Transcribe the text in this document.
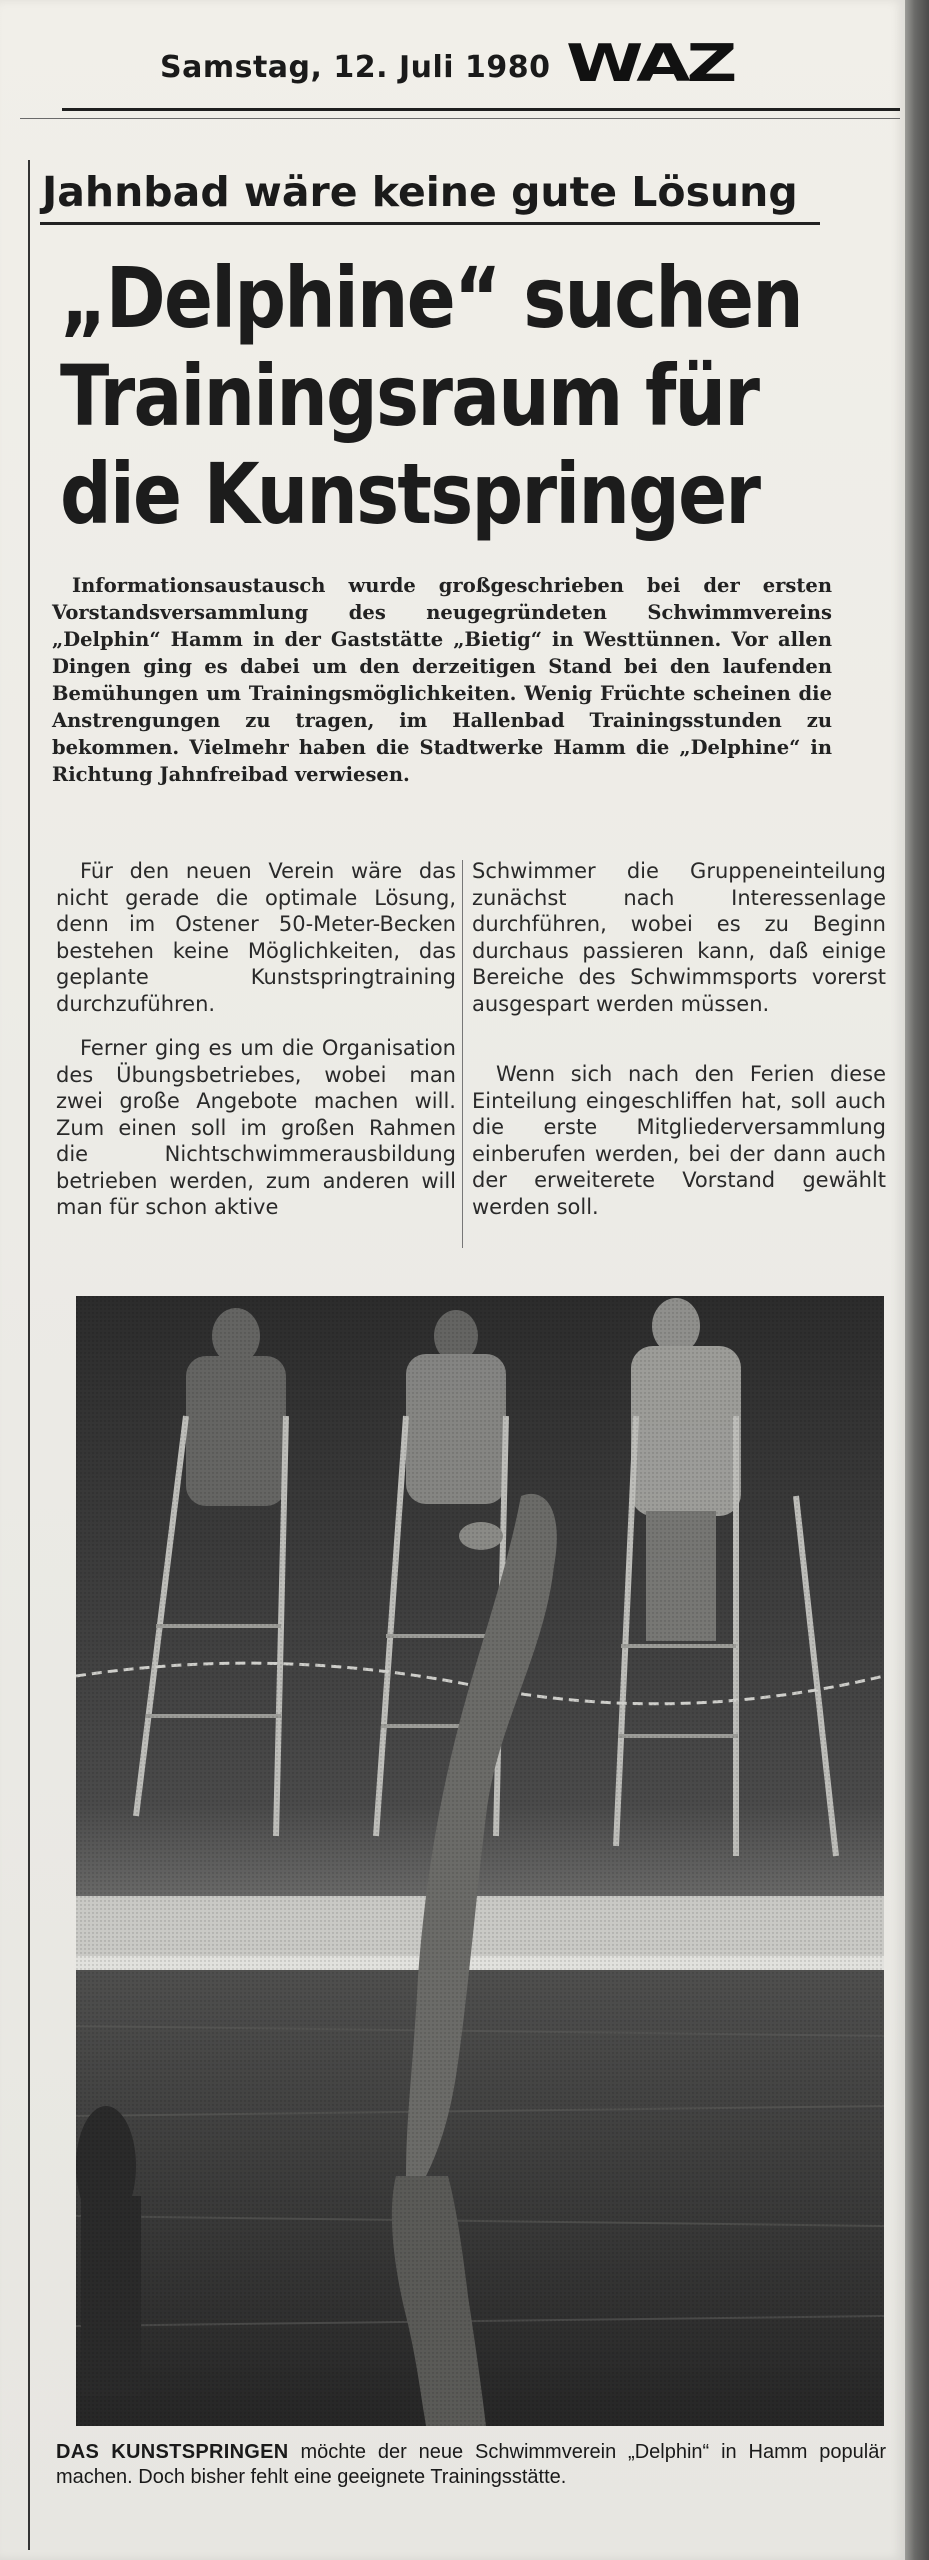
Samstag, 12. Juli 1980 WAZ
Jahnbad wäre keine gute Lösung
„Delphine“ suchen
Trainingsraum für
die Kunstspringer
Informationsaustausch wurde großgeschrieben bei der ersten Vorstandsversammlung des neugegründeten Schwimmvereins „Delphin“ Hamm in der Gaststätte „Bietig“ in Westtünnen. Vor allen Dingen ging es dabei um den derzeitigen Stand bei den laufenden Bemühungen um Trainingsmöglichkeiten. Wenig Früchte scheinen die Anstrengungen zu tragen, im Hallenbad Trainingsstunden zu bekommen. Vielmehr haben die Stadtwerke Hamm die „Delphine“ in Richtung Jahnfreibad verwiesen.

Für den neuen Verein wäre das nicht gerade die optimale Lösung, denn im Ostener 50-Meter-Becken bestehen keine Möglichkeiten, das geplante Kunstspringtraining durchzuführen.

Ferner ging es um die Organisation des Übungsbetriebes, wobei man zwei große Angebote machen will. Zum einen soll im großen Rahmen die Nichtschwimmerausbildung betrieben werden, zum anderen will man für schon aktive

Schwimmer die Gruppeneinteilung zunächst nach Interessenlage durchführen, wobei es zu Beginn durchaus passieren kann, daß einige Bereiche des Schwimmsports vorerst ausgespart werden müssen.

Wenn sich nach den Ferien diese Einteilung eingeschliffen hat, soll auch die erste Mitgliederversammlung einberufen werden, bei der dann auch der erweiterete Vorstand gewählt werden soll.

DAS KUNSTSPRINGEN möchte der neue Schwimmverein „Delphin“ in Hamm populär machen. Doch bisher fehlt eine geeignete Trainingsstätte.
